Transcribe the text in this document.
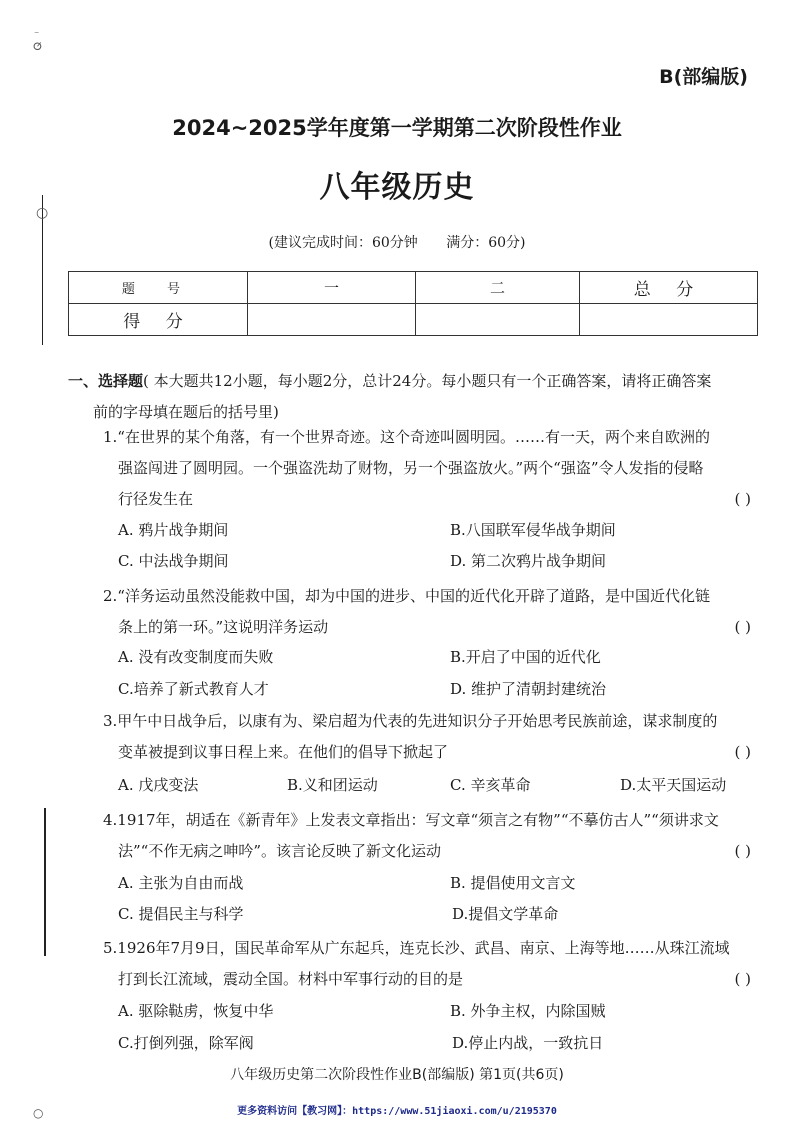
⁻
ⵚ
○
○
B(部编版)
2024~2025学年度第一学期第二次阶段性作业
八年级历史
(建议完成时间：60分钟 满分：60分)
题 号	一	二	总 分
得 分			
一、选择题( 本大题共12小题，每小题2分，总计24分。每小题只有一个正确答案，请将正确答案
前的字母填在题后的括号里)
1.“在世界的某个角落，有一个世界奇迹。这个奇迹叫圆明园。……有一天，两个来自欧洲的
强盗闯进了圆明园。一个强盗洗劫了财物，另一个强盗放火。”两个“强盗”令人发指的侵略
行径发生在	( )
A. 鸦片战争期间	B.八国联军侵华战争期间
C. 中法战争期间	D. 第二次鸦片战争期间
2.“洋务运动虽然没能救中国，却为中国的进步、中国的近代化开辟了道路，是中国近代化链
条上的第一环。”这说明洋务运动	( )
A. 没有改变制度而失败	B.开启了中国的近代化
C.培养了新式教育人才	D. 维护了清朝封建统治
3.甲午中日战争后，以康有为、梁启超为代表的先进知识分子开始思考民族前途，谋求制度的
变革被提到议事日程上来。在他们的倡导下掀起了	( )
A. 戊戌变法	B.义和团运动	C. 辛亥革命	D.太平天国运动
4.1917年，胡适在《新青年》上发表文章指出：写文章“须言之有物”“不摹仿古人”“须讲求文
法”“不作无病之呻吟”。该言论反映了新文化运动	( )
A. 主张为自由而战	B. 提倡使用文言文
C. 提倡民主与科学	D.提倡文学革命
5.1926年7月9日，国民革命军从广东起兵，连克长沙、武昌、南京、上海等地……从珠江流域
打到长江流域，震动全国。材料中军事行动的目的是	( )
A. 驱除鞑虏，恢复中华	B. 外争主权，内除国贼
C.打倒列强，除军阀	D.停止内战，一致抗日
八年级历史第二次阶段性作业B(部编版) 第1页(共6页)
更多资料访问【教习网】：https://www.51jiaoxi.com/u/2195370
